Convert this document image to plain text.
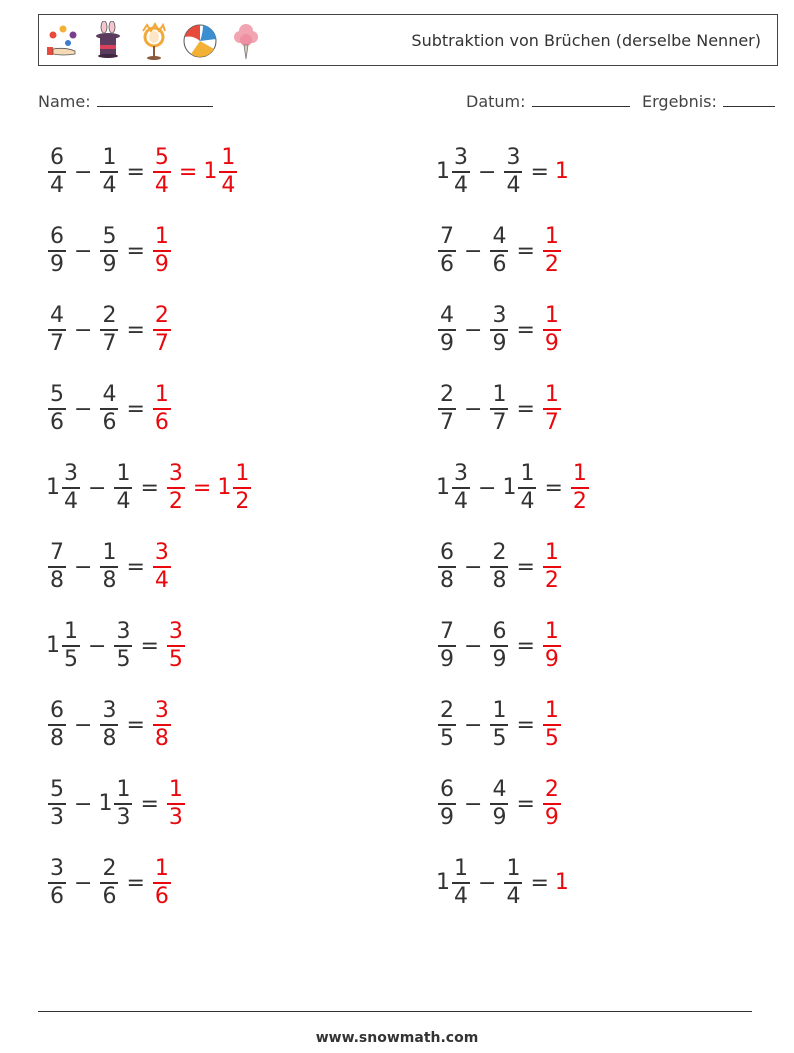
Subtraktion von Brüchen (derselbe Nenner)
Name:	Datum:	Ergebnis:
$\frac{6}{4} - \frac{1}{4} = \frac{5}{4} = 1 \frac{1}{4}$	$1 \frac{3}{4} - \frac{3}{4} = 1$
$\frac{6}{9} - \frac{5}{9} = \frac{1}{9}$	$\frac{7}{6} - \frac{4}{6} = \frac{1}{2}$
$\frac{4}{7} - \frac{2}{7} = \frac{2}{7}$	$\frac{4}{9} - \frac{3}{9} = \frac{1}{9}$
$\frac{5}{6} - \frac{4}{6} = \frac{1}{6}$	$\frac{2}{7} - \frac{1}{7} = \frac{1}{7}$
$1 \frac{3}{4} - \frac{1}{4} = \frac{3}{2} = 1 \frac{1}{2}$	$1 \frac{3}{4} - 1 \frac{1}{4} = \frac{1}{2}$
$\frac{7}{8} - \frac{1}{8} = \frac{3}{4}$	$\frac{6}{8} - \frac{2}{8} = \frac{1}{2}$
$1 \frac{1}{5} - \frac{3}{5} = \frac{3}{5}$	$\frac{7}{9} - \frac{6}{9} = \frac{1}{9}$
$\frac{6}{8} - \frac{3}{8} = \frac{3}{8}$	$\frac{2}{5} - \frac{1}{5} = \frac{1}{5}$
$\frac{5}{3} - 1 \frac{1}{3} = \frac{1}{3}$	$\frac{6}{9} - \frac{4}{9} = \frac{2}{9}$
$\frac{3}{6} - \frac{2}{6} = \frac{1}{6}$	$1 \frac{1}{4} - \frac{1}{4} = 1$
www.snowmath.com
